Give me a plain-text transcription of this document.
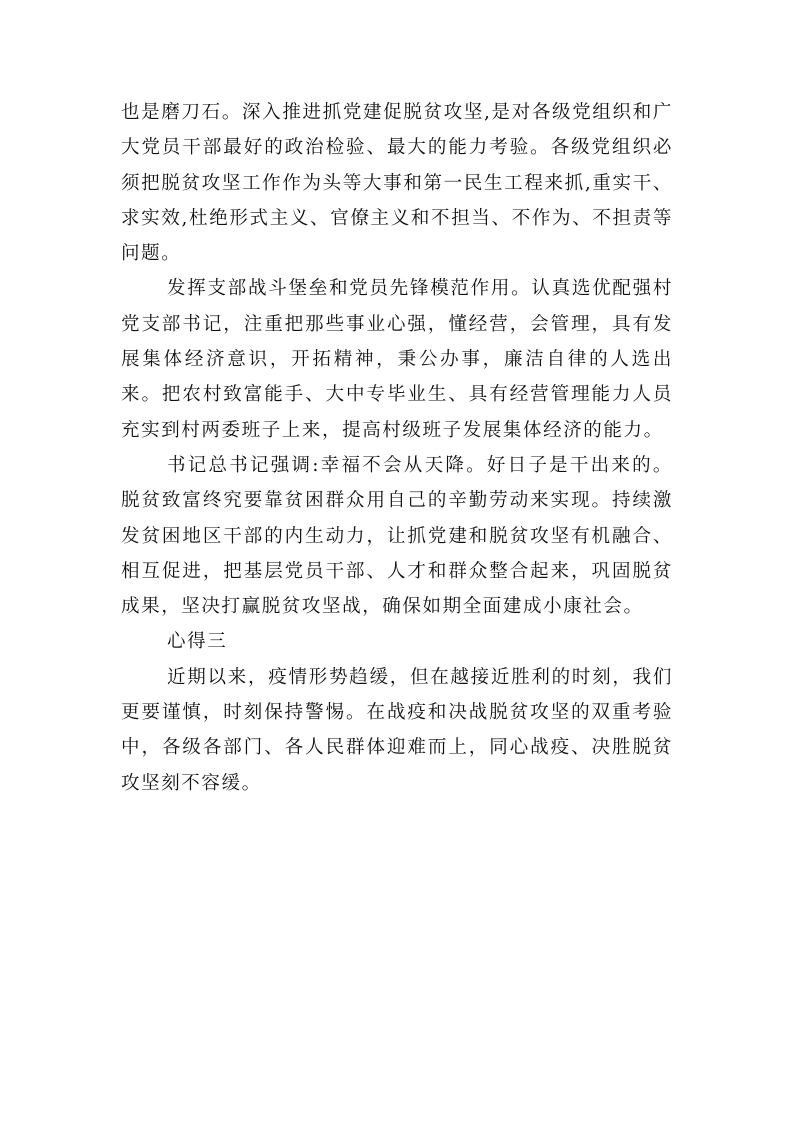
也是磨刀石。深入推进抓党建促脱贫攻坚,是对各级党组织和广大党员干部最好的政治检验、最大的能力考验。各级党组织必须把脱贫攻坚工作作为头等大事和第一民生工程来抓,重实干、求实效,杜绝形式主义、官僚主义和不担当、不作为、不担责等问题。

发挥支部战斗堡垒和党员先锋模范作用。认真选优配强村党支部书记，注重把那些事业心强，懂经营，会管理，具有发展集体经济意识，开拓精神，秉公办事，廉洁自律的人选出来。把农村致富能手、大中专毕业生、具有经营管理能力人员充实到村两委班子上来，提高村级班子发展集体经济的能力。

书记总书记强调:幸福不会从天降。好日子是干出来的。脱贫致富终究要靠贫困群众用自己的辛勤劳动来实现。持续激发贫困地区干部的内生动力，让抓党建和脱贫攻坚有机融合、相互促进，把基层党员干部、人才和群众整合起来，巩固脱贫成果，坚决打赢脱贫攻坚战，确保如期全面建成小康社会。

心得三

近期以来，疫情形势趋缓，但在越接近胜利的时刻，我们更要谨慎，时刻保持警惕。在战疫和决战脱贫攻坚的双重考验中，各级各部门、各人民群体迎难而上，同心战疫、决胜脱贫攻坚刻不容缓。
